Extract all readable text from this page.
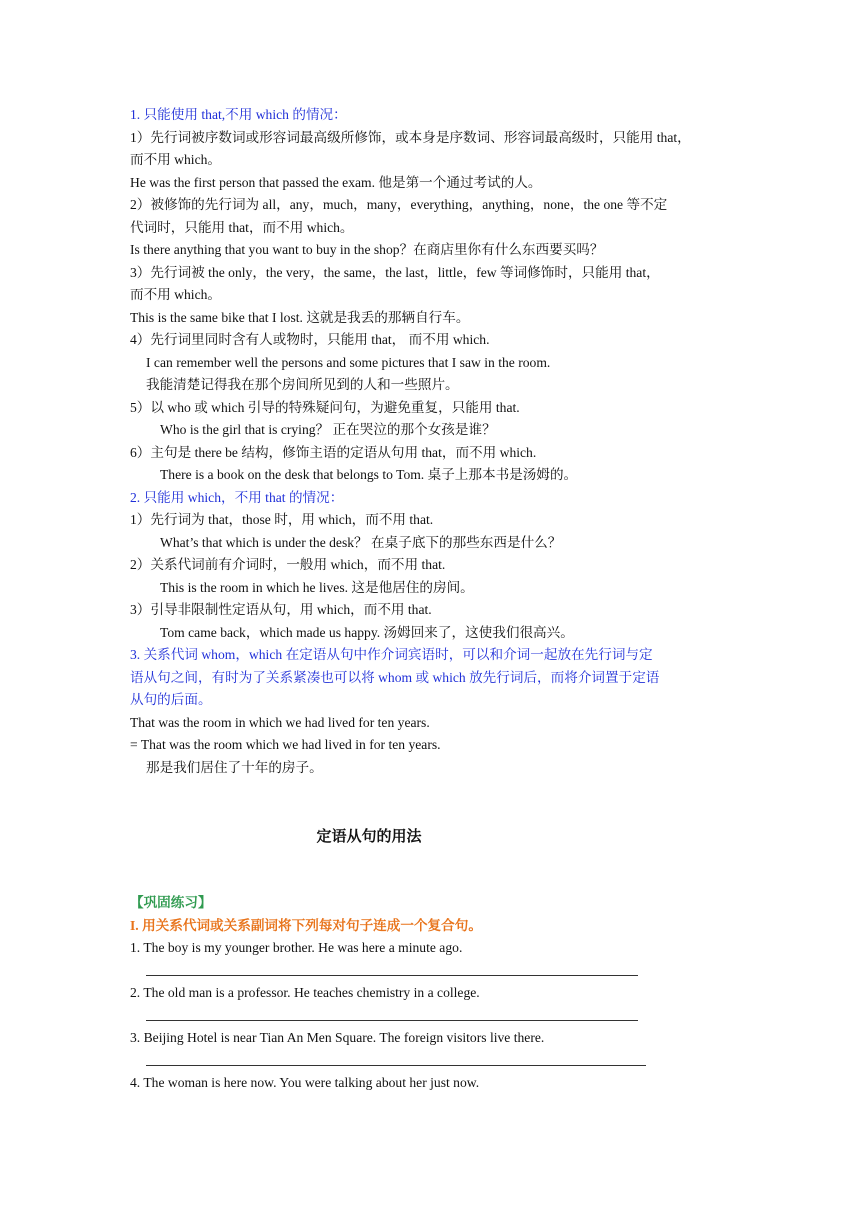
1. 只能使用 that,不用 which 的情况：
1）先行词被序数词或形容词最高级所修饰，或本身是序数词、形容词最高级时，只能用 that，
而不用 which。
He was the first person that passed the exam. 他是第一个通过考试的人。
2）被修饰的先行词为 all，any，much，many，everything，anything，none，the one 等不定
代词时，只能用 that，而不用 which。
Is there anything that you want to buy in the shop？在商店里你有什么东西要买吗？
3）先行词被 the only，the very，the same，the last，little，few 等词修饰时，只能用 that，
而不用 which。
This is the same bike that I lost. 这就是我丢的那辆自行车。
4）先行词里同时含有人或物时，只能用 that， 而不用 which.
I can remember well the persons and some pictures that I saw in the room.
我能清楚记得我在那个房间所见到的人和一些照片。
5）以 who 或 which 引导的特殊疑问句，为避免重复，只能用 that.
Who is the girl that is crying？ 正在哭泣的那个女孩是谁？
6）主句是 there be 结构，修饰主语的定语从句用 that，而不用 which.
There is a book on the desk that belongs to Tom. 桌子上那本书是汤姆的。
2. 只能用 which，不用 that 的情况：
1）先行词为 that，those 时，用 which，而不用 that.
What’s that which is under the desk？ 在桌子底下的那些东西是什么？
2）关系代词前有介词时，一般用 which，而不用 that.
This is the room in which he lives. 这是他居住的房间。
3）引导非限制性定语从句，用 which，而不用 that.
Tom came back，which made us happy. 汤姆回来了，这使我们很高兴。
3. 关系代词 whom，which 在定语从句中作介词宾语时，可以和介词一起放在先行词与定
语从句之间，有时为了关系紧凑也可以将 whom 或 which 放先行词后，而将介词置于定语
从句的后面。
That was the room in which we had lived for ten years.
= That was the room which we had lived in for ten years.
那是我们居住了十年的房子。
定语从句的用法
【巩固练习】
I. 用关系代词或关系副词将下列每对句子连成一个复合句。
1. The boy is my younger brother. He was here a minute ago.
2. The old man is a professor. He teaches chemistry in a college.
3. Beijing Hotel is near Tian An Men Square. The foreign visitors live there.
4. The woman is here now. You were talking about her just now.
